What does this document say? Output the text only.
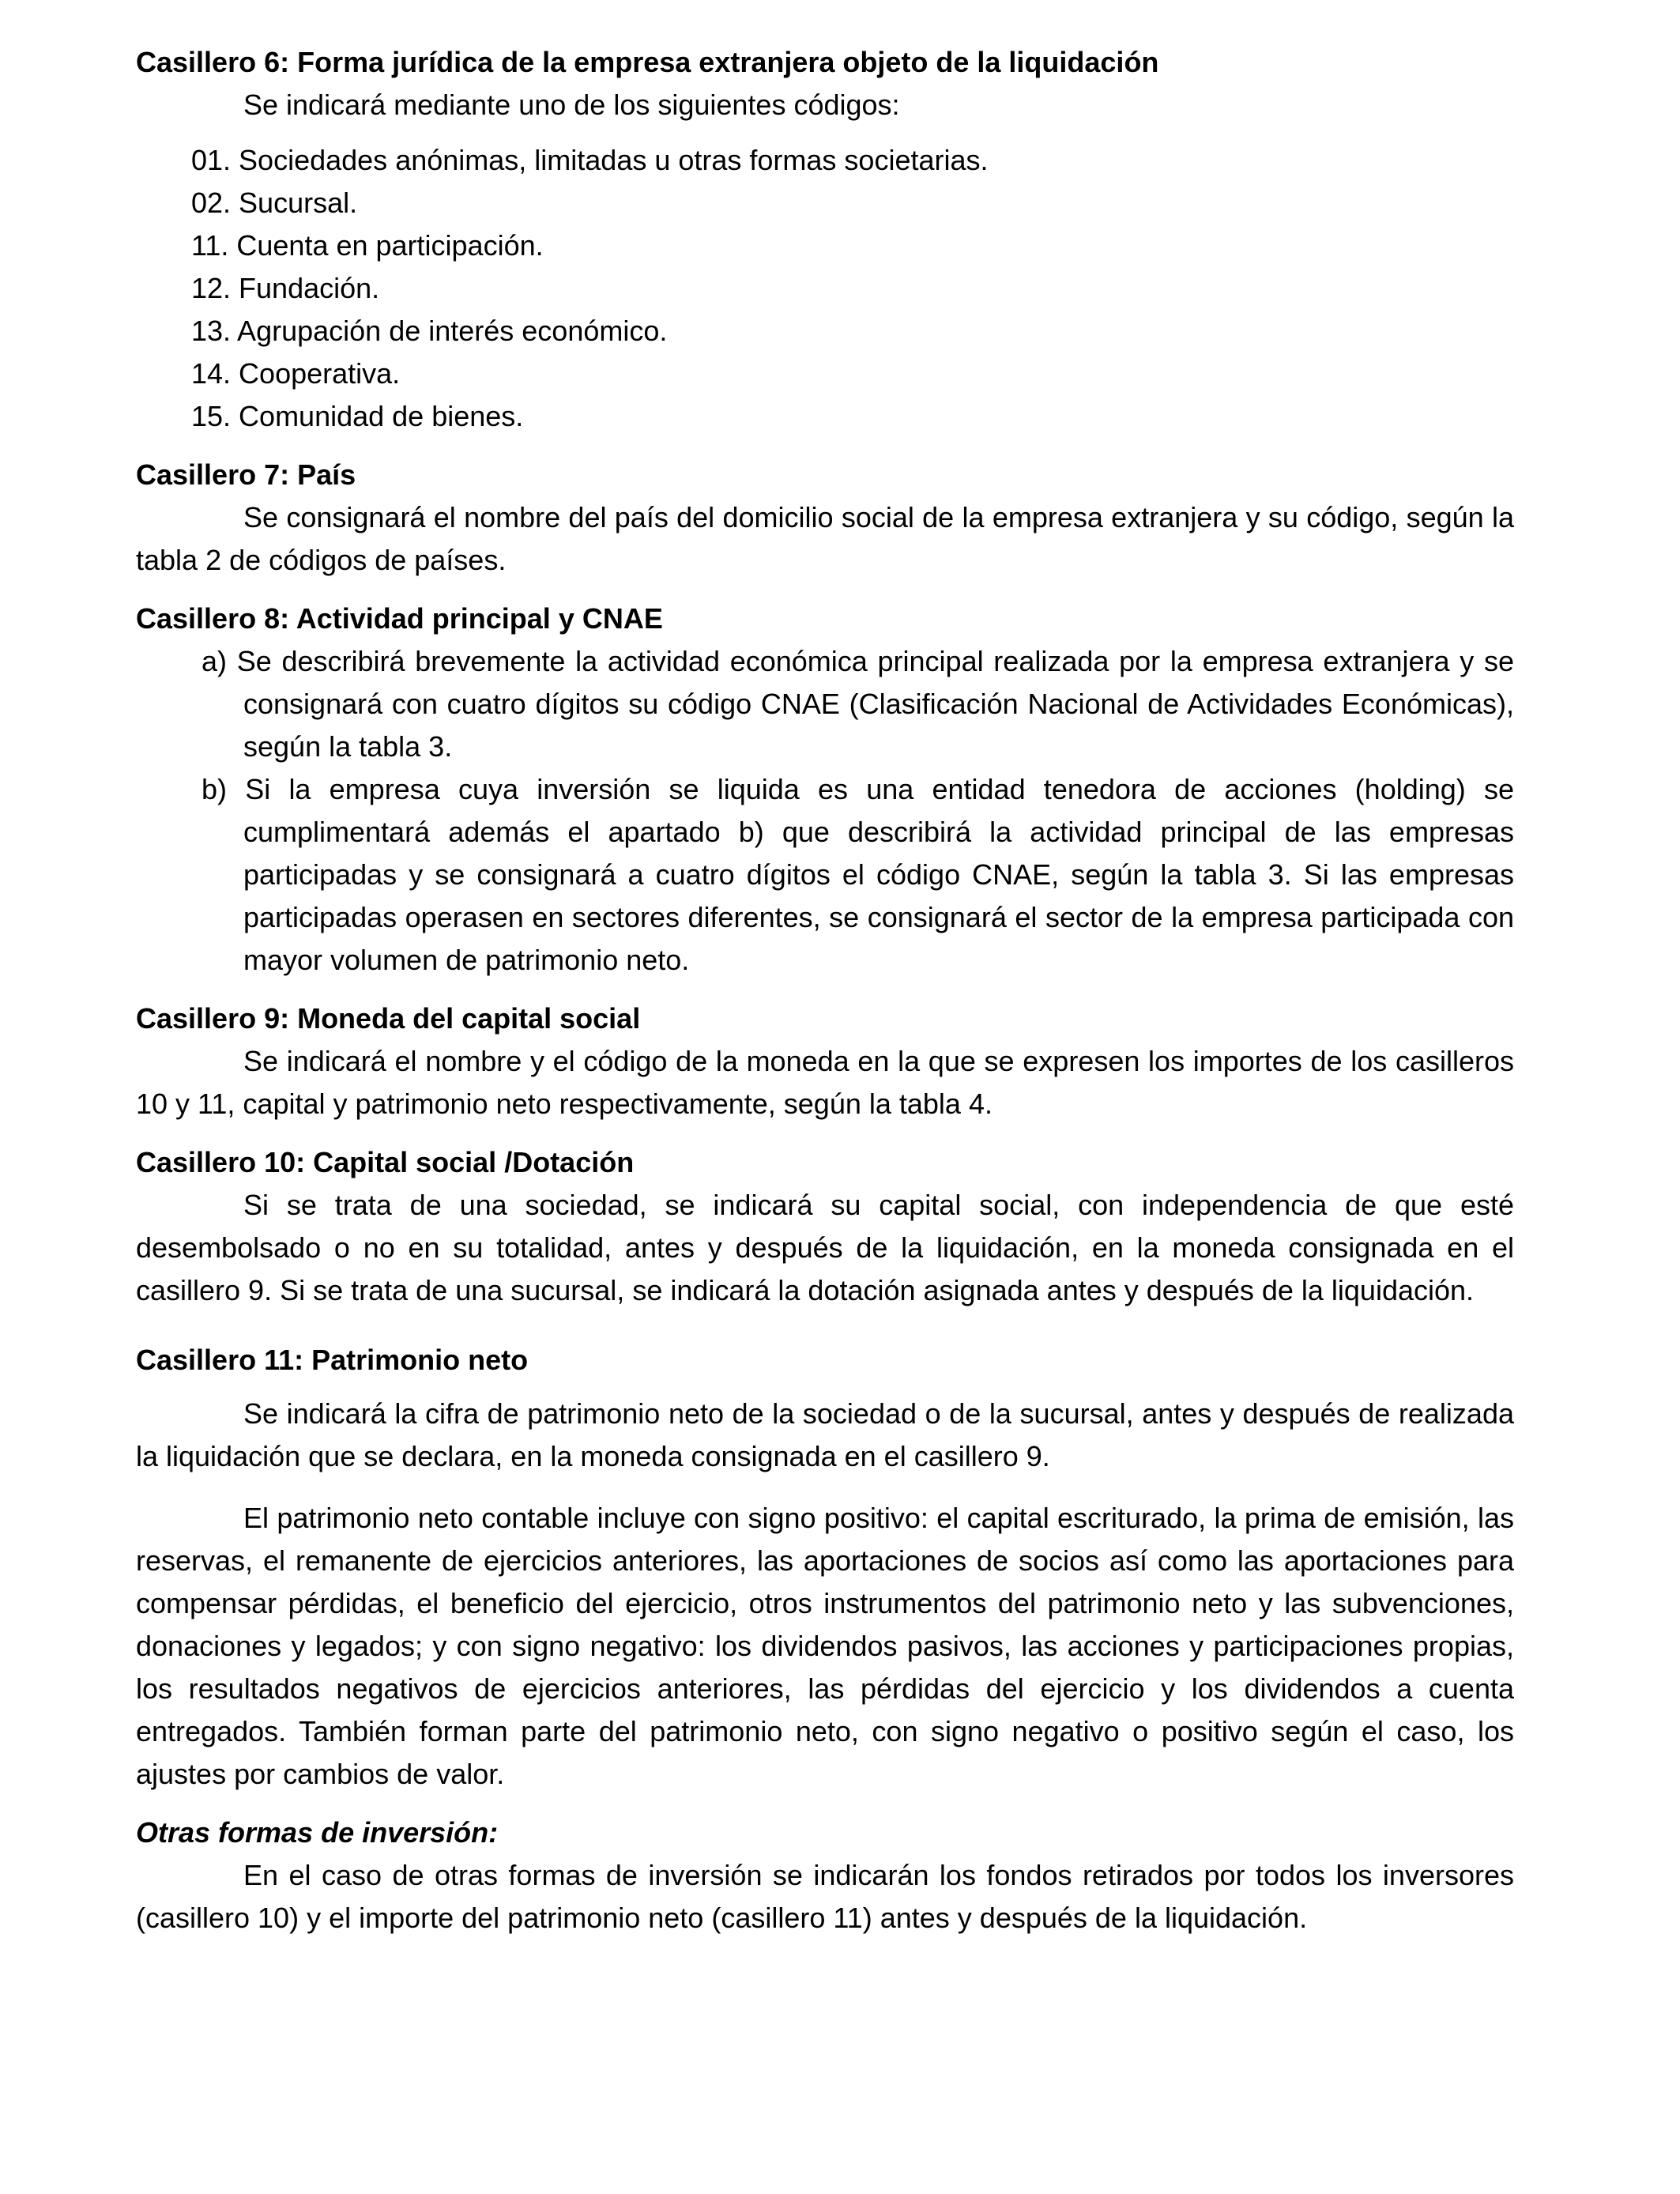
Casillero 6: Forma jurídica de la empresa extranjera objeto de la liquidación

Se indicará mediante uno de los siguientes códigos:

01. Sociedades anónimas, limitadas u otras formas societarias.
02. Sucursal.
11. Cuenta en participación.
12. Fundación.
13. Agrupación de interés económico.
14. Cooperativa.
15. Comunidad de bienes.

Casillero 7: País

Se consignará el nombre del país del domicilio social de la empresa extranjera y su código, según la tabla 2 de códigos de países.

Casillero 8: Actividad principal y CNAE

a) Se describirá brevemente la actividad económica principal realizada por la empresa extranjera y se consignará con cuatro dígitos su código CNAE (Clasificación Nacional de Actividades Económicas), según la tabla 3.
b) Si la empresa cuya inversión se liquida es una entidad tenedora de acciones (holding) se cumplimentará además el apartado b) que describirá la actividad principal de las empresas participadas y se consignará a cuatro dígitos el código CNAE, según la tabla 3. Si las empresas participadas operasen en sectores diferentes, se consignará el sector de la empresa participada con mayor volumen de patrimonio neto.

Casillero 9: Moneda del capital social

Se indicará el nombre y el código de la moneda en la que se expresen los importes de los casilleros 10 y 11, capital y patrimonio neto respectivamente, según la tabla 4.

Casillero 10: Capital social /Dotación

Si se trata de una sociedad, se indicará su capital social, con independencia de que esté desembolsado o no en su totalidad, antes y después de la liquidación, en la moneda consignada en el casillero 9. Si se trata de una sucursal, se indicará la dotación asignada antes y después de la liquidación.

Casillero 11: Patrimonio neto

Se indicará la cifra de patrimonio neto de la sociedad o de la sucursal, antes y después de realizada la liquidación que se declara, en la moneda consignada en el casillero 9.

El patrimonio neto contable incluye con signo positivo: el capital escriturado, la prima de emisión, las reservas, el remanente de ejercicios anteriores, las aportaciones de socios así como las aportaciones para compensar pérdidas, el beneficio del ejercicio, otros instrumentos del patrimonio neto y las subvenciones, donaciones y legados; y con signo negativo: los dividendos pasivos, las acciones y participaciones propias, los resultados negativos de ejercicios anteriores, las pérdidas del ejercicio y los dividendos a cuenta entregados. También forman parte del patrimonio neto, con signo negativo o positivo según el caso, los ajustes por cambios de valor.

Otras formas de inversión:

En el caso de otras formas de inversión se indicarán los fondos retirados por todos los inversores (casillero 10) y el importe del patrimonio neto (casillero 11) antes y después de la liquidación.
